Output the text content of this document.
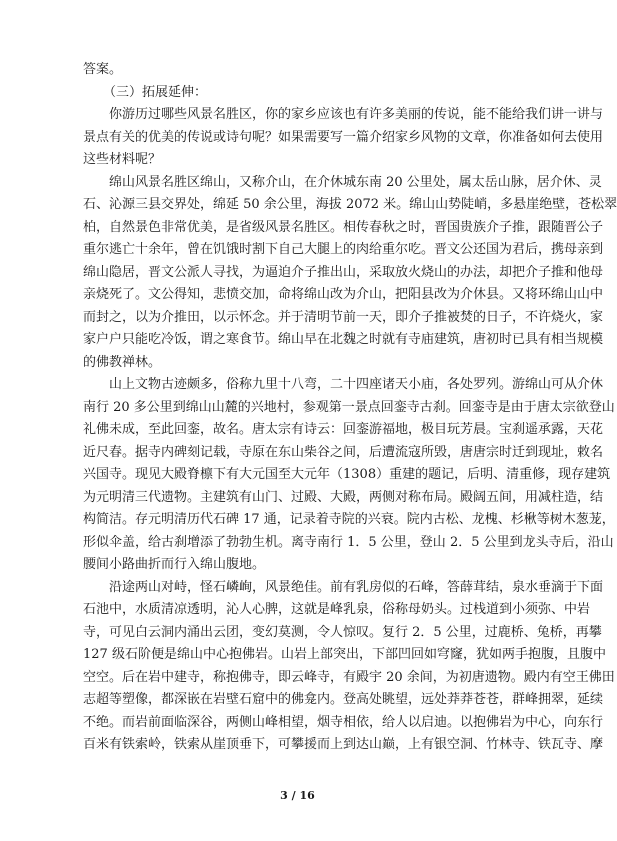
答案。
（三）拓展延伸：
你游历过哪些风景名胜区，你的家乡应该也有许多美丽的传说，能不能给我们讲一讲与
景点有关的优美的传说或诗句呢？如果需要写一篇介绍家乡风物的文章，你准备如何去使用
这些材料呢？
绵山风景名胜区绵山，又称介山，在介休城东南 20 公里处，属太岳山脉，居介休、灵
石、沁源三县交界处，绵延 50 余公里，海拔 2072 米。绵山山势陡峭，多悬崖绝壁，苍松翠
柏，自然景色非常优美，是省级风景名胜区。相传春秋之时，晋国贵族介子推，跟随晋公子
重尔逃亡十余年，曾在饥饿时割下自己大腿上的肉给重尔吃。晋文公还国为君后，携母亲到
绵山隐居，晋文公派人寻找，为逼迫介子推出山，采取放火烧山的办法，却把介子推和他母
亲烧死了。文公得知，悲愤交加，命将绵山改为介山，把阳县改为介休县。又将环绵山山中
而封之，以为介推田，以示怀念。并于清明节前一天，即介子推被焚的日子，不许烧火，家
家户户只能吃冷饭，谓之寒食节。绵山早在北魏之时就有寺庙建筑，唐初时已具有相当规模
的佛教禅林。
山上文物古迹颇多，俗称九里十八弯，二十四座诸天小庙，各处罗列。游绵山可从介休
南行 20 多公里到绵山山麓的兴地村，参观第一景点回銮寺古刹。回銮寺是由于唐太宗欲登山
礼佛未成，至此回銮，故名。唐太宗有诗云：回銮游福地，极目玩芳晨。宝刹遥承露，天花
近尺春。据寺内碑刻记载，寺原在东山柴谷之间，后遭流寇所毁，唐唐宗时迁到现址，敕名
兴国寺。现见大殿脊檩下有大元国至大元年（1308）重建的题记，后明、清重修，现存建筑
为元明清三代遗物。主建筑有山门、过殿、大殿，两侧对称布局。殿阔五间，用减柱造，结
构简洁。存元明清历代石碑 17 通，记录着寺院的兴衰。院内古松、龙槐、杉楸等树木葱茏，
形似伞盖，给古刹增添了勃勃生机。离寺南行 1．5 公里，登山 2．5 公里到龙头寺后，沿山
腰间小路曲折而行入绵山腹地。
沿途两山对峙，怪石嶙峋，风景绝佳。前有乳房似的石峰，答薛茸结，泉水垂滴于下面
石池中，水质清凉透明，沁人心脾，这就是峰乳泉，俗称母奶头。过栈道到小须弥、中岩
寺，可见白云洞内涌出云团，变幻莫测，令人惊叹。复行 2．5 公里，过鹿桥、兔桥，再攀
127 级石阶便是绵山中心抱佛岩。山岩上部突出，下部凹回如穹窿，犹如两手抱腹，且腹中
空空。后在岩中建寺，称抱佛寺，即云峰寺，有殿宇 20 余间，为初唐遗物。殿内有空王佛田
志超等塑像，都深嵌在岩壁石窟中的佛龛内。登高处眺望，远处莽莽苍苍，群峰拥翠，延续
不绝。而岩前面临深谷，两侧山峰相望，烟寺相依，给人以启迪。以抱佛岩为中心，向东行
百米有铁索岭，铁索从崖顶垂下，可攀援而上到达山巅，上有银空洞、竹林寺、铁瓦寺、摩
3 / 16
